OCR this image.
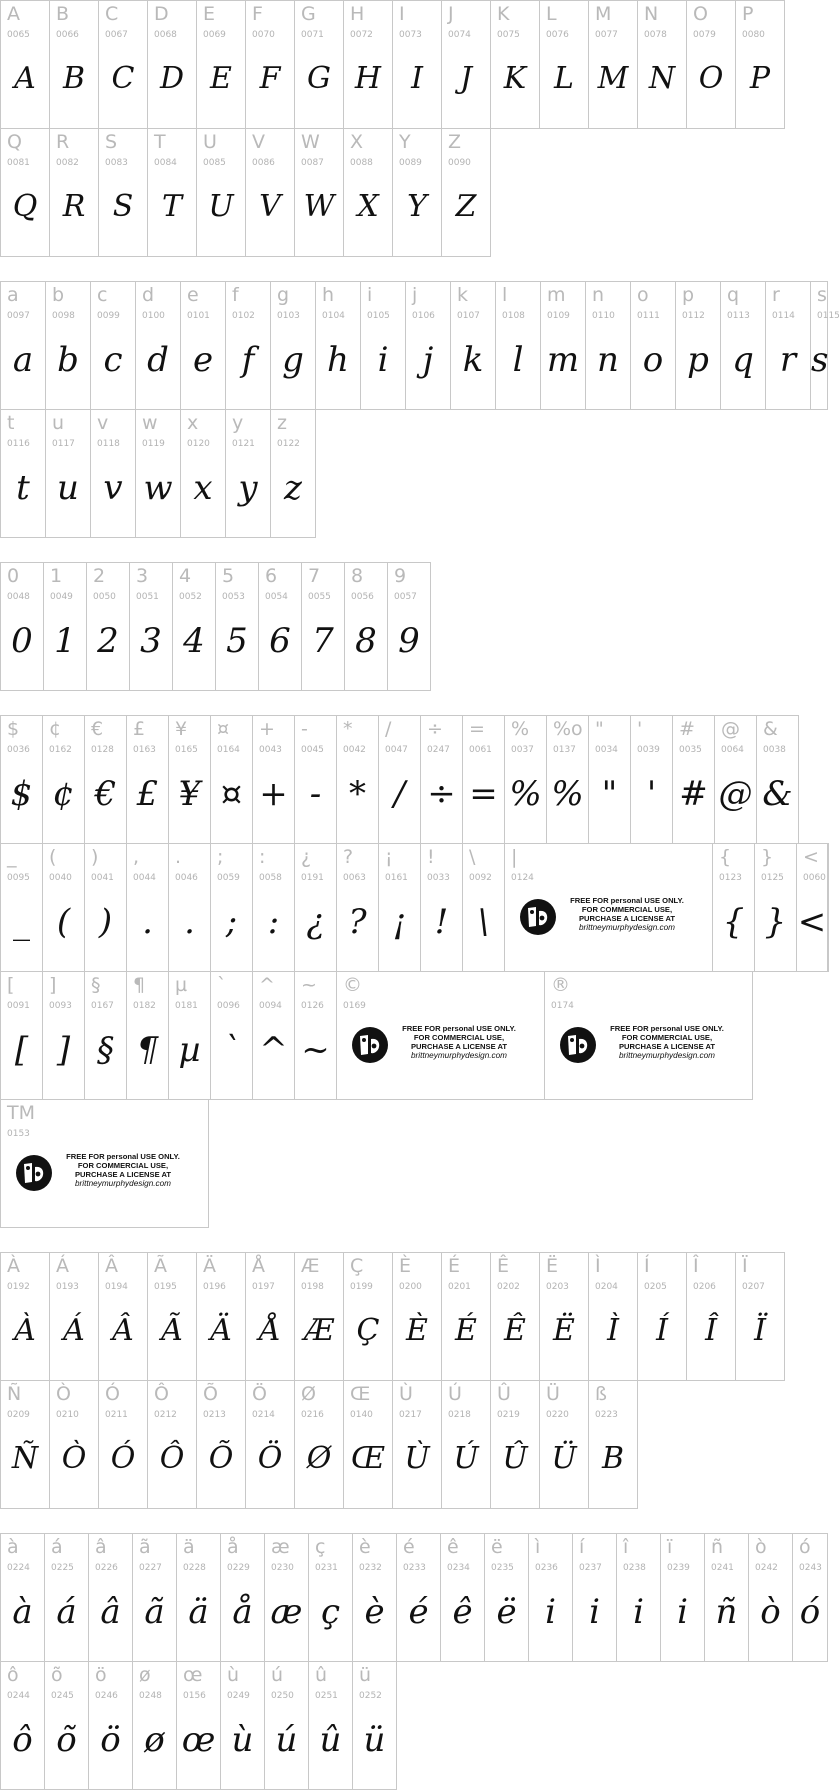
A
0065
A
B
0066
B
C
0067
C
D
0068
D
E
0069
E
F
0070
F
G
0071
G
H
0072
H
I
0073
I
J
0074
J
K
0075
K
L
0076
L
M
0077
M
N
0078
N
O
0079
O
P
0080
P
Q
0081
Q
R
0082
R
S
0083
S
T
0084
T
U
0085
U
V
0086
V
W
0087
W
X
0088
X
Y
0089
Y
Z
0090
Z
a
0097
a
b
0098
b
c
0099
c
d
0100
d
e
0101
e
f
0102
f
g
0103
g
h
0104
h
i
0105
i
j
0106
j
k
0107
k
l
0108
l
m
0109
m
n
0110
n
o
0111
o
p
0112
p
q
0113
q
r
0114
r
s
0115
s
t
0116
t
u
0117
u
v
0118
v
w
0119
w
x
0120
x
y
0121
y
z
0122
z
0
0048
0
1
0049
1
2
0050
2
3
0051
3
4
0052
4
5
0053
5
6
0054
6
7
0055
7
8
0056
8
9
0057
9
$
0036
$
¢
0162
¢
€
0128
€
£
0163
£
¥
0165
¥
¤
0164
¤
+
0043
+
-
0045
-
*
0042
*
/
0047
/
÷
0247
÷
=
0061
=
%
0037
%
%o
0137
%
"
0034
"
'
0039
'
#
0035
#
@
0064
@
&
0038
&
_
0095
_
(
0040
(
)
0041
)
,
0044
.
.
0046
.
;
0059
;
:
0058
:
¿
0191
¿
?
0063
?
¡
0161
¡
!
0033
!
\
0092
\
|
0124
FREE FOR personal USE ONLY.
FOR COMMERCIAL USE,
PURCHASE A LICENSE AT
brittneymurphydesign.com
{
0123
{
}
0125
}
<
0060
<
[
0091
[
]
0093
]
§
0167
§
¶
0182
¶
µ
0181
µ
`
0096
`
^
0094
^
~
0126
~
©
0169
FREE FOR personal USE ONLY.
FOR COMMERCIAL USE,
PURCHASE A LICENSE AT
brittneymurphydesign.com
®
0174
FREE FOR personal USE ONLY.
FOR COMMERCIAL USE,
PURCHASE A LICENSE AT
brittneymurphydesign.com
TM
0153
FREE FOR personal USE ONLY.
FOR COMMERCIAL USE,
PURCHASE A LICENSE AT
brittneymurphydesign.com
À
0192
À
Á
0193
Á
Â
0194
Â
Ã
0195
Ã
Ä
0196
Ä
Å
0197
Å
Æ
0198
Æ
Ç
0199
Ç
È
0200
È
É
0201
É
Ê
0202
Ê
Ë
0203
Ë
Ì
0204
Ì
Í
0205
Í
Î
0206
Î
Ï
0207
Ï
Ñ
0209
Ñ
Ò
0210
Ò
Ó
0211
Ó
Ô
0212
Ô
Õ
0213
Õ
Ö
0214
Ö
Ø
0216
Ø
Œ
0140
Œ
Ù
0217
Ù
Ú
0218
Ú
Û
0219
Û
Ü
0220
Ü
ß
0223
B
à
0224
à
á
0225
á
â
0226
â
ã
0227
ã
ä
0228
ä
å
0229
å
æ
0230
æ
ç
0231
ç
è
0232
è
é
0233
é
ê
0234
ê
ë
0235
ë
ì
0236
i
í
0237
i
î
0238
i
ï
0239
i
ñ
0241
ñ
ò
0242
ò
ó
0243
ó
ô
0244
ô
õ
0245
õ
ö
0246
ö
ø
0248
ø
œ
0156
œ
ù
0249
ù
ú
0250
ú
û
0251
û
ü
0252
ü
